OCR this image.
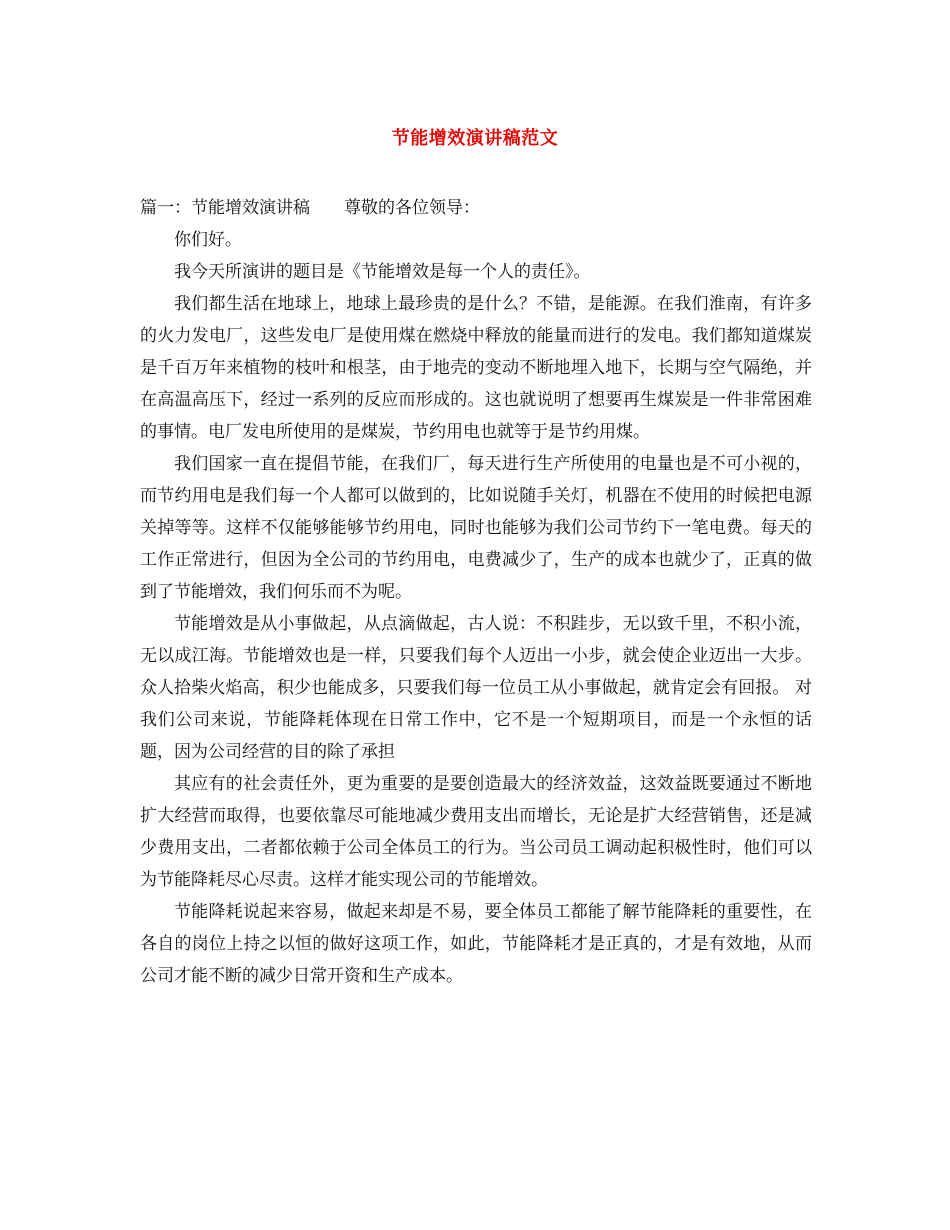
节能增效演讲稿范文

篇一：节能增效演讲稿　　尊敬的各位领导：

你们好。

我今天所演讲的题目是《节能增效是每一个人的责任》。

我们都生活在地球上，地球上最珍贵的是什么？不错，是能源。在我们淮南，有许多的火力发电厂，这些发电厂是使用煤在燃烧中释放的能量而进行的发电。我们都知道煤炭是千百万年来植物的枝叶和根茎，由于地壳的变动不断地埋入地下，长期与空气隔绝，并在高温高压下，经过一系列的反应而形成的。这也就说明了想要再生煤炭是一件非常困难的事情。电厂发电所使用的是煤炭，节约用电也就等于是节约用煤。

我们国家一直在提倡节能，在我们厂，每天进行生产所使用的电量也是不可小视的，而节约用电是我们每一个人都可以做到的，比如说随手关灯，机器在不使用的时候把电源关掉等等。这样不仅能够能够节约用电，同时也能够为我们公司节约下一笔电费。每天的工作正常进行，但因为全公司的节约用电，电费减少了，生产的成本也就少了，正真的做到了节能增效，我们何乐而不为呢。

节能增效是从小事做起，从点滴做起，古人说：不积跬步，无以致千里，不积小流，无以成江海。节能增效也是一样，只要我们每个人迈出一小步，就会使企业迈出一大步。众人拾柴火焰高，积少也能成多，只要我们每一位员工从小事做起，就肯定会有回报。 对我们公司来说，节能降耗体现在日常工作中，它不是一个短期项目，而是一个永恒的话题，因为公司经营的目的除了承担

其应有的社会责任外，更为重要的是要创造最大的经济效益，这效益既要通过不断地扩大经营而取得，也要依靠尽可能地减少费用支出而增长，无论是扩大经营销售，还是减少费用支出，二者都依赖于公司全体员工的行为。当公司员工调动起积极性时，他们可以为节能降耗尽心尽责。这样才能实现公司的节能增效。

节能降耗说起来容易，做起来却是不易，要全体员工都能了解节能降耗的重要性，在各自的岗位上持之以恒的做好这项工作，如此，节能降耗才是正真的，才是有效地，从而公司才能不断的减少日常开资和生产成本。
